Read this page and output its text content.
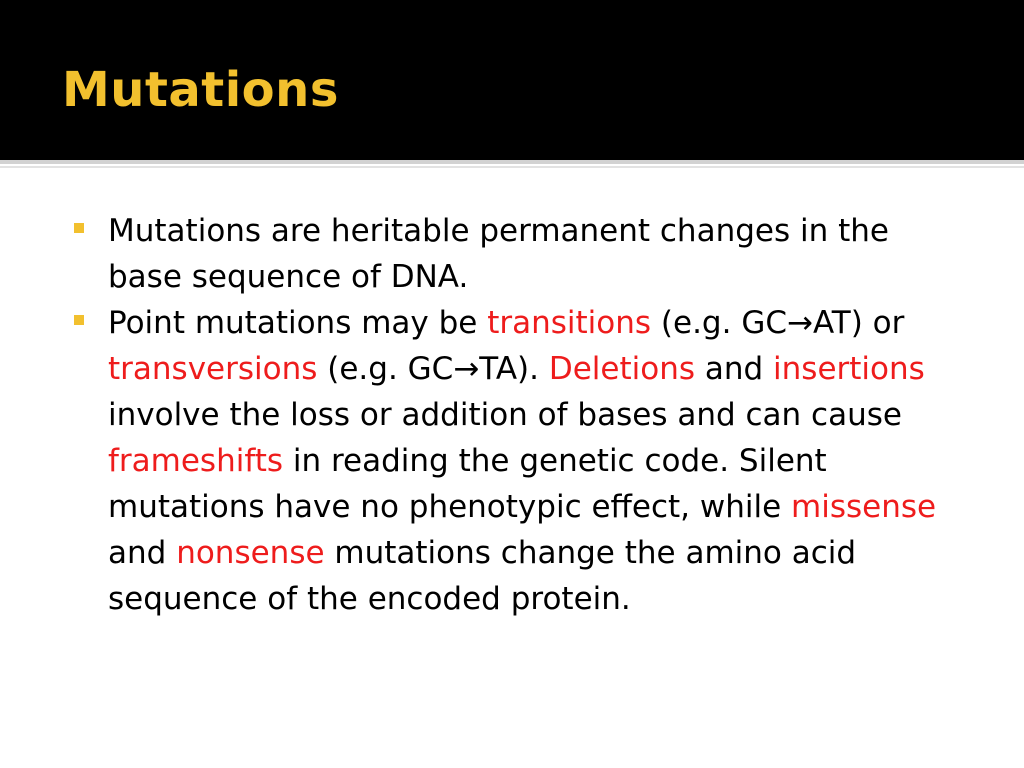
Mutations
Mutations are heritable permanent changes in the base sequence of DNA.
Point mutations may be transitions (e.g. GC→AT) or transversions (e.g. GC→TA). Deletions and insertions involve the loss or addition of bases and can cause frameshifts in reading the genetic code. Silent mutations have no phenotypic effect, while missense and nonsense mutations change the amino acid sequence of the encoded protein.
